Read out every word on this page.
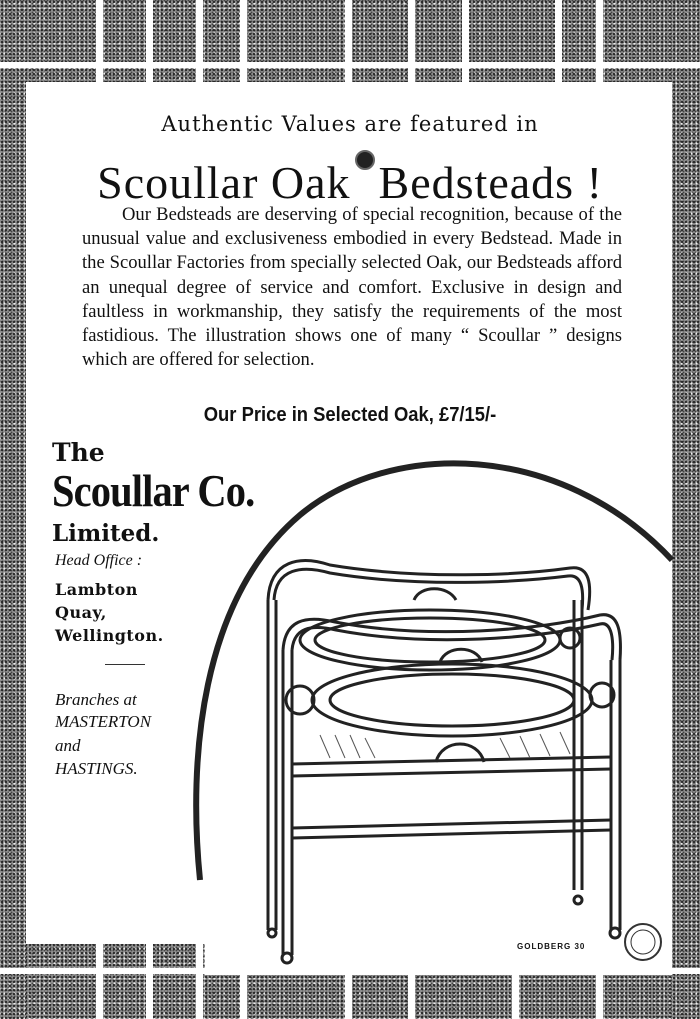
Authentic Values are featured in
Scoullar Oak Bedsteads !
Our Bedsteads are deserving of special recognition, because of the unusual value and exclusiveness embodied in every Bedstead. Made in the Scoullar Factories from specially selected Oak, our Bedsteads afford an unequal degree of service and comfort. Exclusive in design and faultless in workmanship, they satisfy the requirements of the most fastidious. The illustration shows one of many “ Scoullar ” designs which are offered for selection.
Our Price in Selected Oak, £7/15/-
The
Scoullar Co.
Limited.
Head Office :
Lambton
Quay,
Wellington.
Branches at
MASTERTON
and
HASTINGS.
GOLDBERG 30
